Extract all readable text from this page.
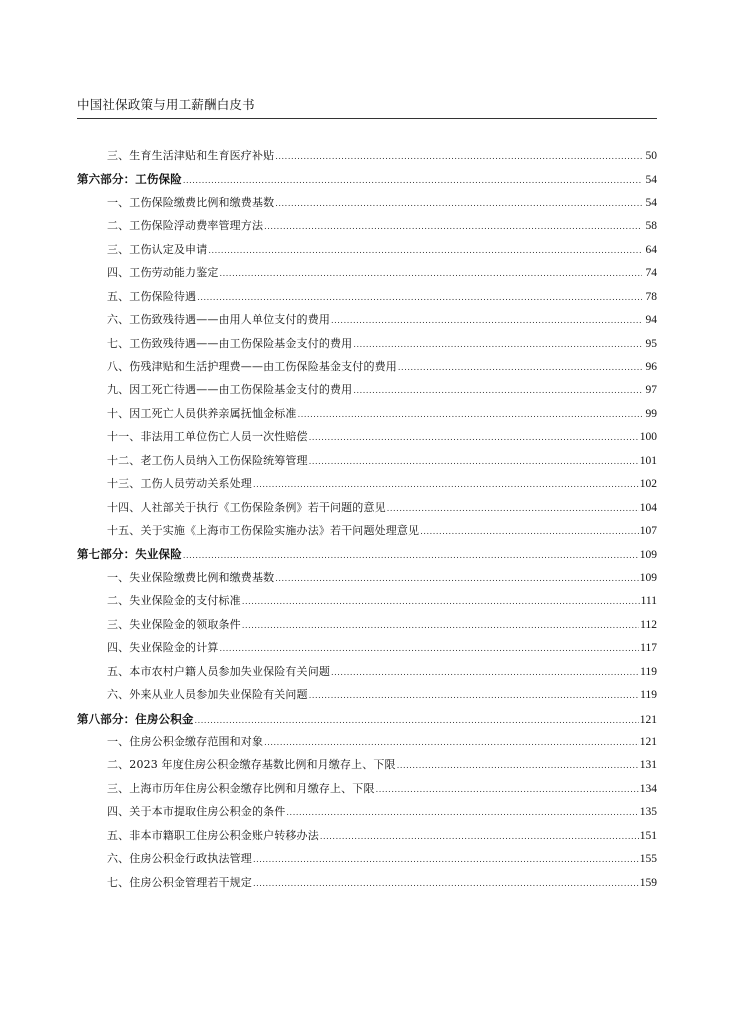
中国社保政策与用工薪酬白皮书
三、生育生活津贴和生育医疗补贴 .....	50
第六部分：工伤保险 .....	54
一、工伤保险缴费比例和缴费基数 .....	54
二、工伤保险浮动费率管理方法 .....	58
三、工伤认定及申请 .....	64
四、工伤劳动能力鉴定 .....	74
五、工伤保险待遇 .....	78
六、工伤致残待遇——由用人单位支付的费用 .....	94
七、工伤致残待遇——由工伤保险基金支付的费用 .....	95
八、伤残津贴和生活护理费——由工伤保险基金支付的费用 .....	96
九、因工死亡待遇——由工伤保险基金支付的费用 .....	97
十、因工死亡人员供养亲属抚恤金标准 .....	99
十一、非法用工单位伤亡人员一次性赔偿 .....	100
十二、老工伤人员纳入工伤保险统筹管理 .....	101
十三、工伤人员劳动关系处理 .....	102
十四、人社部关于执行《工伤保险条例》若干问题的意见 .....	104
十五、关于实施《上海市工伤保险实施办法》若干问题处理意见 .....	107
第七部分：失业保险 .....	109
一、失业保险缴费比例和缴费基数 .....	109
二、失业保险金的支付标准 .....	111
三、失业保险金的领取条件 .....	112
四、失业保险金的计算 .....	117
五、本市农村户籍人员参加失业保险有关问题 .....	119
六、外来从业人员参加失业保险有关问题 .....	119
第八部分：住房公积金 .....	121
一、住房公积金缴存范围和对象 .....	121
二、2023 年度住房公积金缴存基数比例和月缴存上、下限 .....	131
三、上海市历年住房公积金缴存比例和月缴存上、下限 .....	134
四、关于本市提取住房公积金的条件 .....	135
五、非本市籍职工住房公积金账户转移办法 .....	151
六、住房公积金行政执法管理 .....	155
七、住房公积金管理若干规定 .....	159
